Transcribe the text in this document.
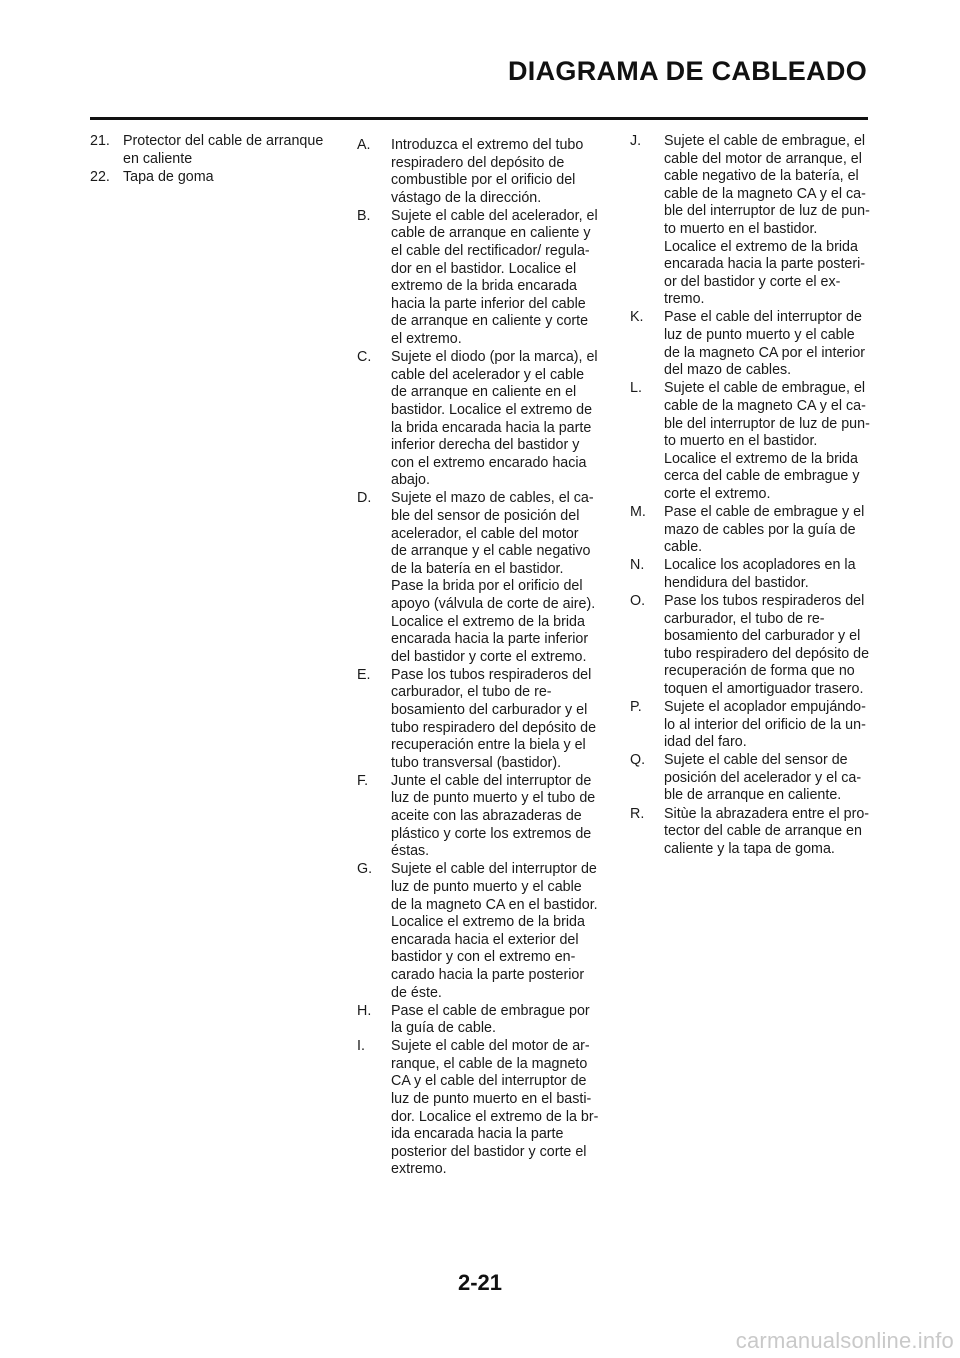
DIAGRAMA DE CABLEADO
21. Protector del cable de arranque
en caliente
22. Tapa de goma
A. Introduzca el extremo del tubo
respiradero del depósito de
combustible por el orificio del
vástago de la dirección.
B. Sujete el cable del acelerador, el
cable de arranque en caliente y
el cable del rectificador/ regula-
dor en el bastidor. Localice el
extremo de la brida encarada
hacia la parte inferior del cable
de arranque en caliente y corte
el extremo.
C. Sujete el diodo (por la marca), el
cable del acelerador y el cable
de arranque en caliente en el
bastidor. Localice el extremo de
la brida encarada hacia la parte
inferior derecha del bastidor y
con el extremo encarado hacia
abajo.
D. Sujete el mazo de cables, el ca-
ble del sensor de posición del
acelerador, el cable del motor
de arranque y el cable negativo
de la batería en el bastidor.
Pase la brida por el orificio del
apoyo (válvula de corte de aire).
Localice el extremo de la brida
encarada hacia la parte inferior
del bastidor y corte el extremo.
E. Pase los tubos respiraderos del
carburador, el tubo de re-
bosamiento del carburador y el
tubo respiradero del depósito de
recuperación entre la biela y el
tubo transversal (bastidor).
F. Junte el cable del interruptor de
luz de punto muerto y el tubo de
aceite con las abrazaderas de
plástico y corte los extremos de
éstas.
G. Sujete el cable del interruptor de
luz de punto muerto y el cable
de la magneto CA en el bastidor.
Localice el extremo de la brida
encarada hacia el exterior del
bastidor y con el extremo en-
carado hacia la parte posterior
de éste.
H. Pase el cable de embrague por
la guía de cable.
I. Sujete el cable del motor de ar-
ranque, el cable de la magneto
CA y el cable del interruptor de
luz de punto muerto en el basti-
dor. Localice el extremo de la br-
ida encarada hacia la parte
posterior del bastidor y corte el
extremo.
J. Sujete el cable de embrague, el
cable del motor de arranque, el
cable negativo de la batería, el
cable de la magneto CA y el ca-
ble del interruptor de luz de pun-
to muerto en el bastidor.
Localice el extremo de la brida
encarada hacia la parte posteri-
or del bastidor y corte el ex-
tremo.
K. Pase el cable del interruptor de
luz de punto muerto y el cable
de la magneto CA por el interior
del mazo de cables.
L. Sujete el cable de embrague, el
cable de la magneto CA y el ca-
ble del interruptor de luz de pun-
to muerto en el bastidor.
Localice el extremo de la brida
cerca del cable de embrague y
corte el extremo.
M. Pase el cable de embrague y el
mazo de cables por la guía de
cable.
N. Localice los acopladores en la
hendidura del bastidor.
O. Pase los tubos respiraderos del
carburador, el tubo de re-
bosamiento del carburador y el
tubo respiradero del depósito de
recuperación de forma que no
toquen el amortiguador trasero.
P. Sujete el acoplador empujándo-
lo al interior del orificio de la un-
idad del faro.
Q. Sujete el cable del sensor de
posición del acelerador y el ca-
ble de arranque en caliente.
R. Sitùe la abrazadera entre el pro-
tector del cable de arranque en
caliente y la tapa de goma.
2-21
carmanualsonline.info
